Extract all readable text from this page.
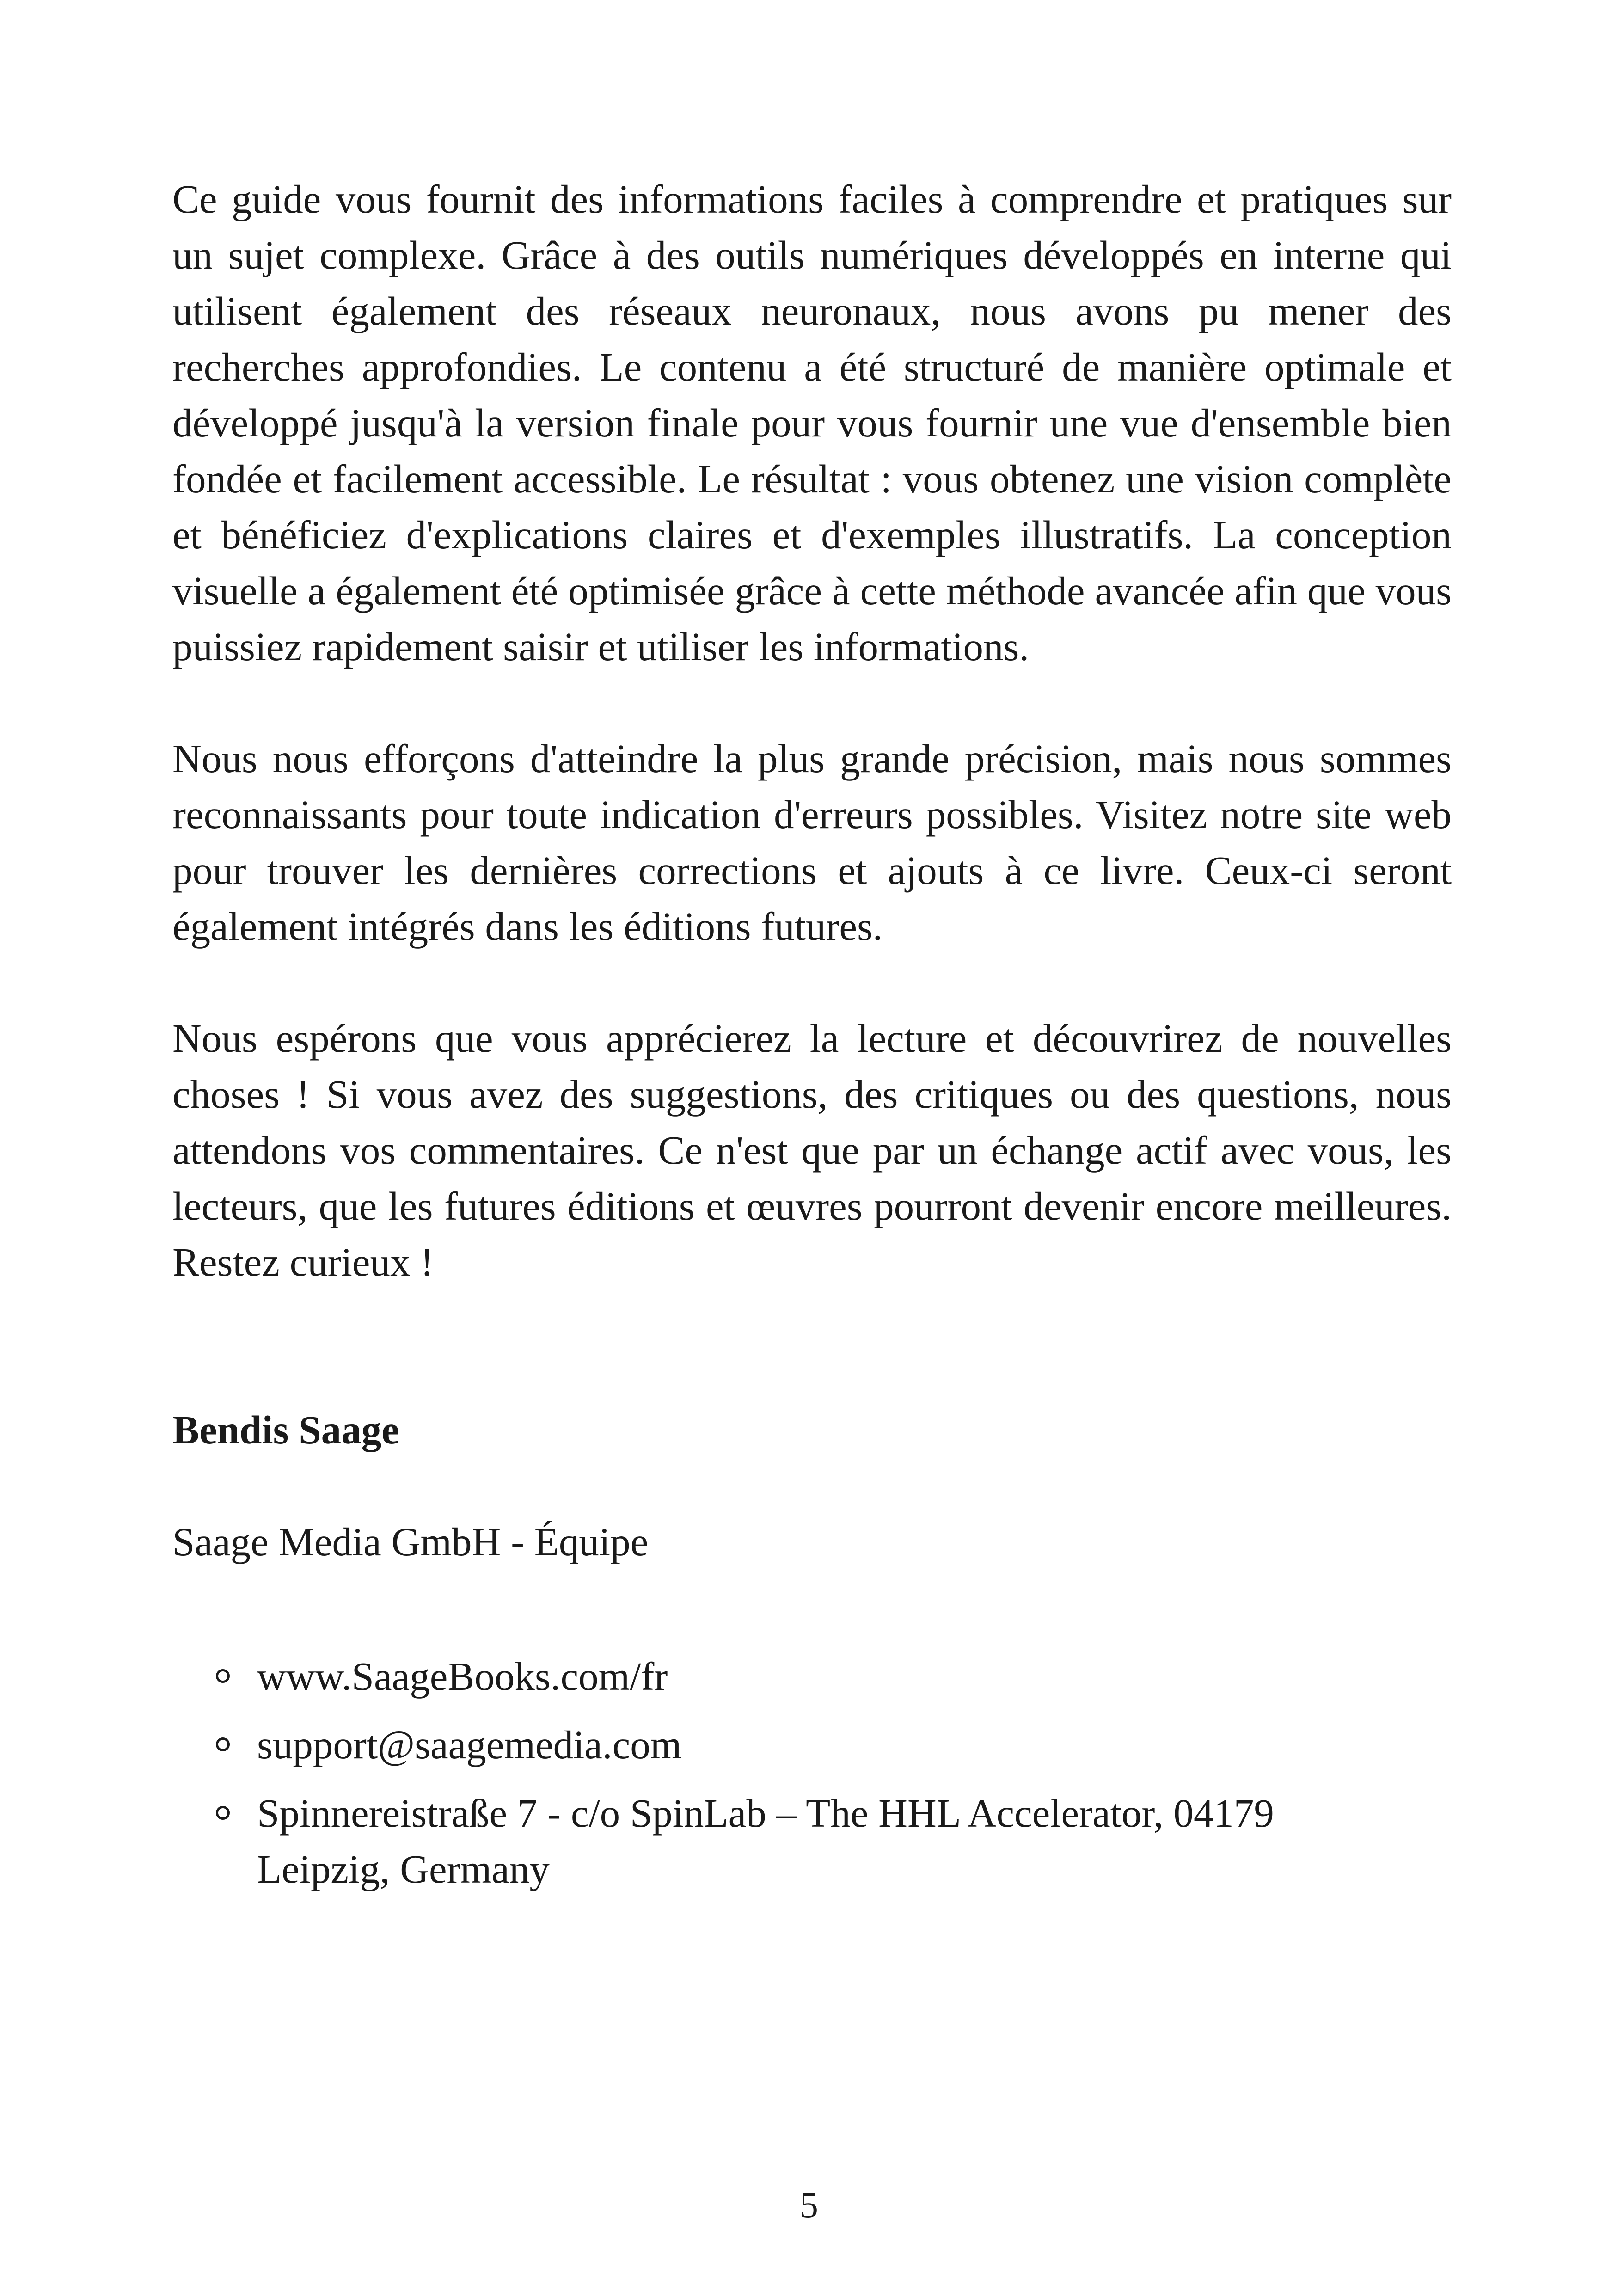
Ce guide vous fournit des informations faciles à comprendre et pratiques sur un sujet complexe. Grâce à des outils numériques développés en interne qui utilisent également des réseaux neuronaux, nous avons pu mener des recherches approfondies. Le contenu a été structuré de manière optimale et développé jusqu'à la version finale pour vous fournir une vue d'ensemble bien fondée et facilement accessible. Le résultat : vous obtenez une vision complète et bénéficiez d'explications claires et d'exemples illustratifs. La conception visuelle a également été optimisée grâce à cette méthode avancée afin que vous puissiez rapidement saisir et utiliser les informations.

Nous nous efforçons d'atteindre la plus grande précision, mais nous sommes reconnaissants pour toute indication d'erreurs possibles. Visitez notre site web pour trouver les dernières corrections et ajouts à ce livre. Ceux-ci seront également intégrés dans les éditions futures.

Nous espérons que vous apprécierez la lecture et découvrirez de nouvelles choses ! Si vous avez des suggestions, des critiques ou des questions, nous attendons vos commentaires. Ce n'est que par un échange actif avec vous, les lecteurs, que les futures éditions et œuvres pourront devenir encore meilleures. Restez curieux !

Bendis Saage

Saage Media GmbH - Équipe

www.SaageBooks.com/fr
support@saagemedia.com
Spinnereistraße 7 - c/o SpinLab – The HHL Accelerator, 04179
Leipzig, Germany
5
